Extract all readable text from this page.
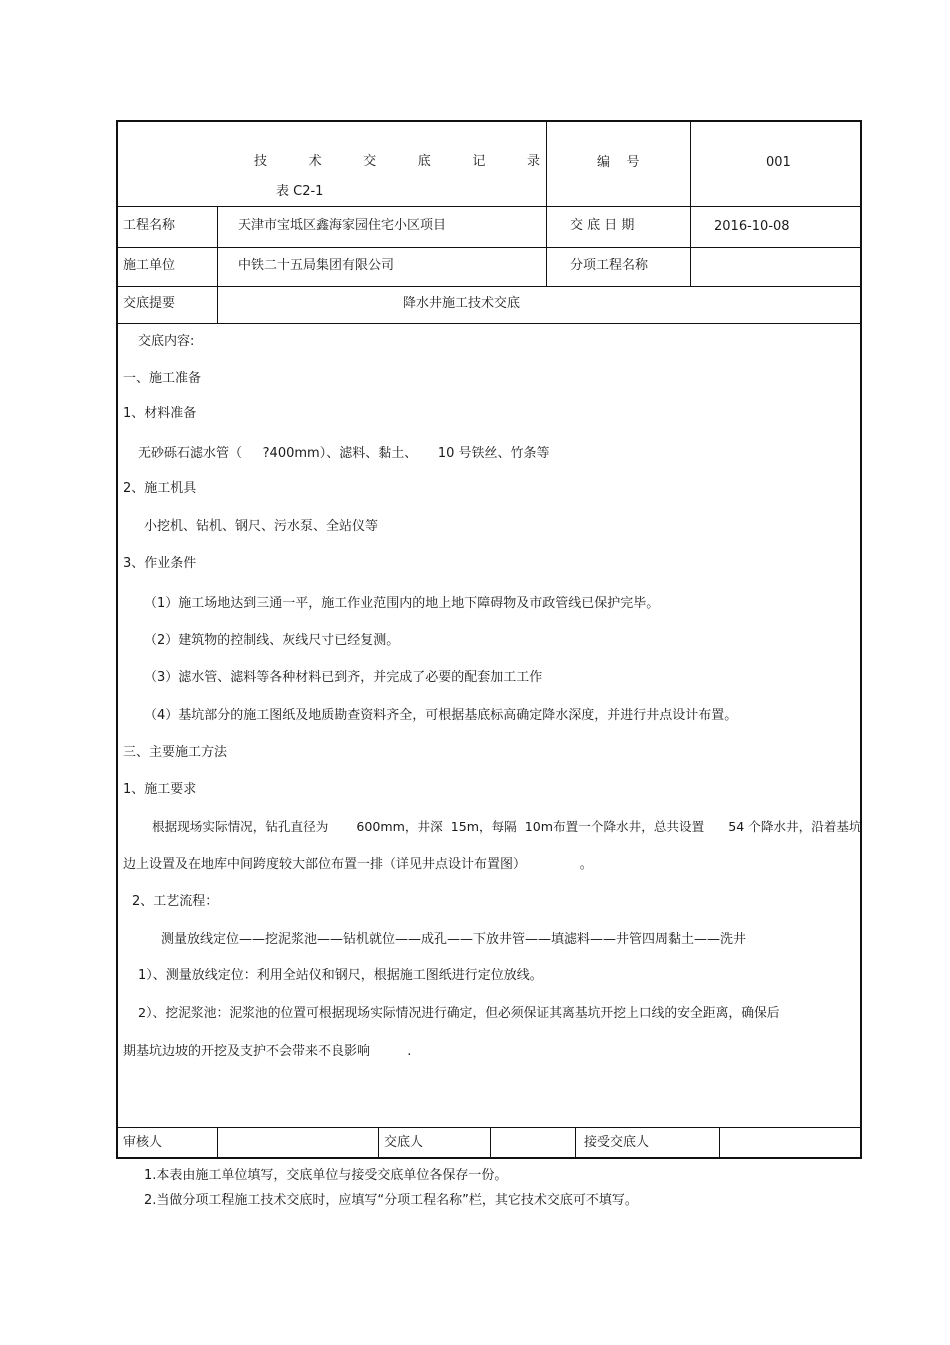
技	术	交	底	记	录
表 C2-1
编    号	001
工程名称	天津市宝坻区鑫海家园住宅小区项目	交 底 日 期	2016-10-08
施工单位	中铁二十五局集团有限公司	分项工程名称
交底提要	降水井施工技术交底
交底内容:
一、施工准备
1、材料准备
无砂砾石滤水管（     ?400mm）、滤料、黏土、     10 号铁丝、竹条等
2、施工机具
小挖机、钻机、钢尺、污水泵、全站仪等
3、作业条件
（1）施工场地达到三通一平，施工作业范围内的地上地下障碍物及市政管线已保护完毕。
（2）建筑物的控制线、灰线尺寸已经复测。
（3）滤水管、滤料等各种材料已到齐，并完成了必要的配套加工工作
（4）基坑部分的施工图纸及地质勘查资料齐全，可根据基底标高确定降水深度，并进行井点设计布置。
三、主要施工方法
1、施工要求
根据现场实际情况，钻孔直径为       600mm，井深  15m，每隔  10m布置一个降水井，总共设置      54 个降水井，沿着基坑
边上设置及在地库中间跨度较大部位布置一排（详见井点设计布置图）             。
2、工艺流程：
测量放线定位——挖泥浆池——钻机就位——成孔——下放井管——填滤料——井管四周黏土——洗井
1）、测量放线定位：利用全站仪和钢尺，根据施工图纸进行定位放线。
2）、挖泥浆池：泥浆池的位置可根据现场实际情况进行确定，但必须保证其离基坑开挖上口线的安全距离，确保后
期基坑边坡的开挖及支护不会带来不良影响         .
审核人	交底人	接受交底人
1.本表由施工单位填写，交底单位与接受交底单位各保存一份。
2.当做分项工程施工技术交底时，应填写“分项工程名称”栏，其它技术交底可不填写。
